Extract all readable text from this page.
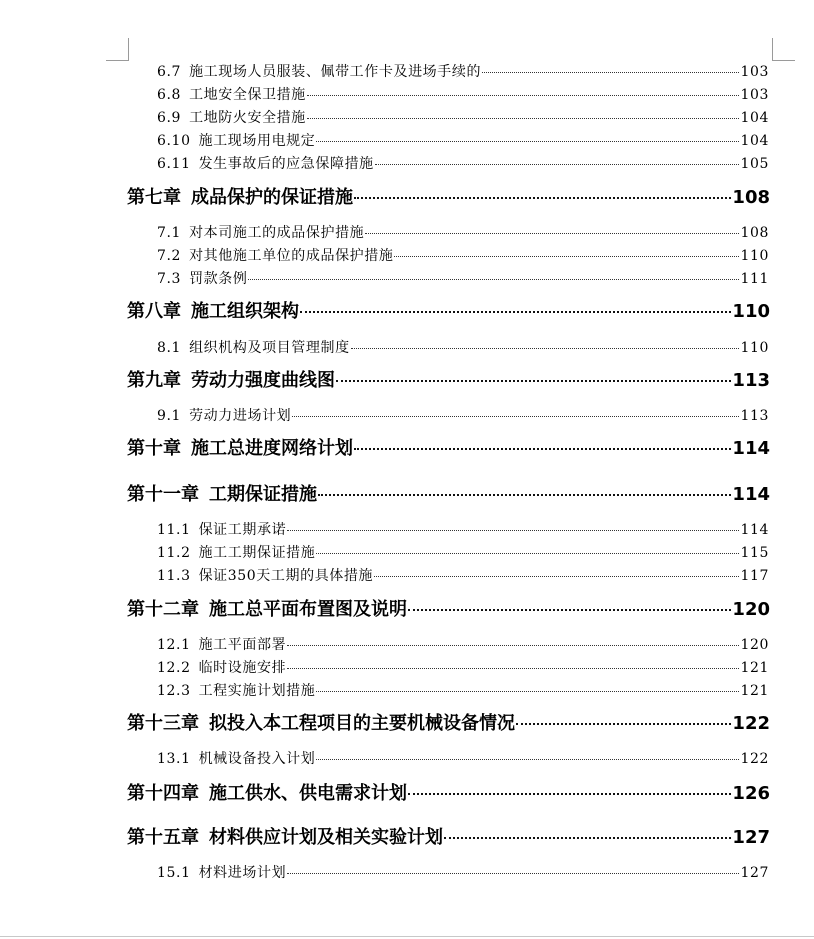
6.7 施工现场人员服装、佩带工作卡及进场手续的	103
6.8 工地安全保卫措施	103
6.9 工地防火安全措施	104
6.10 施工现场用电规定	104
6.11 发生事故后的应急保障措施	105
第七章 成品保护的保证措施	108
7.1 对本司施工的成品保护措施	108
7.2 对其他施工单位的成品保护措施	110
7.3 罚款条例	111
第八章 施工组织架构	110
8.1 组织机构及项目管理制度	110
第九章 劳动力强度曲线图	113
9.1 劳动力进场计划	113
第十章 施工总进度网络计划	114
第十一章 工期保证措施	114
11.1 保证工期承诺	114
11.2 施工工期保证措施	115
11.3 保证350天工期的具体措施	117
第十二章 施工总平面布置图及说明	120
12.1 施工平面部署	120
12.2 临时设施安排	121
12.3 工程实施计划措施	121
第十三章 拟投入本工程项目的主要机械设备情况	122
13.1 机械设备投入计划	122
第十四章 施工供水、供电需求计划	126
第十五章 材料供应计划及相关实验计划	127
15.1 材料进场计划	127
